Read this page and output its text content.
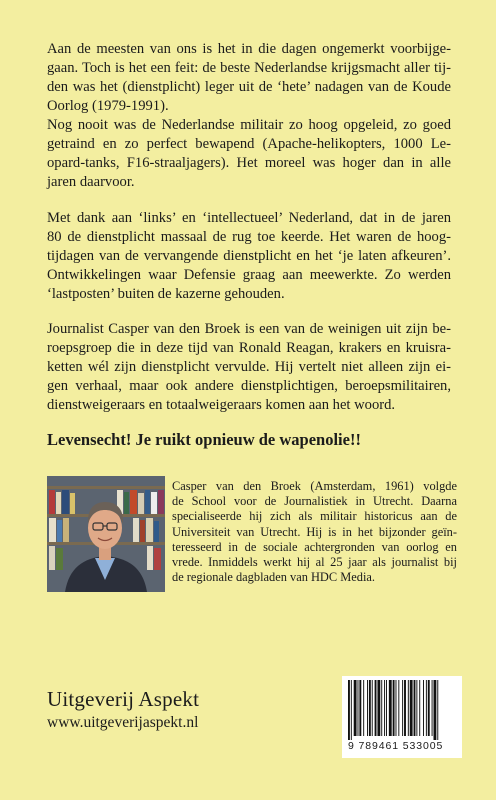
Aan de meesten van ons is het in die dagen ongemerkt voorbijge-
gaan. Toch is het een feit: de beste Nederlandse krijgsmacht aller tij-
den was het (dienstplicht) leger uit de ‘hete’ nadagen van de Koude
Oorlog (1979-1991).
Nog nooit was de Nederlandse militair zo hoog opgeleid, zo goed
getraind en zo perfect bewapend (Apache-helikopters, 1000 Le-
opard-tanks, F16-straaljagers). Het moreel was hoger dan in alle
jaren daarvoor.

Met dank aan ‘links’ en ‘intellectueel’ Nederland, dat in de jaren
80 de dienstplicht massaal de rug toe keerde. Het waren de hoog-
tijdagen van de vervangende dienstplicht en het ‘je laten afkeuren’.
Ontwikkelingen waar Defensie graag aan meewerkte. Zo werden
‘lastposten’ buiten de kazerne gehouden.

Journalist Casper van den Broek is een van de weinigen uit zijn be-
roepsgroep die in deze tijd van Ronald Reagan, krakers en kruisra-
ketten wél zijn dienstplicht vervulde. Hij vertelt niet alleen zijn ei-
gen verhaal, maar ook andere dienstplichtigen, beroepsmilitairen,
dienstweigeraars en totaalweigeraars komen aan het woord.

Levensecht! Je ruikt opnieuw de wapenolie!!
Casper van den Broek (Amsterdam, 1961) volgde
de School voor de Journalistiek in Utrecht. Daarna
specialiseerde hij zich als militair historicus aan de
Universiteit van Utrecht. Hij is in het bijzonder geïn-
teresseerd in de sociale achtergronden van oorlog en
vrede. Inmiddels werkt hij al 25 jaar als journalist bij
de regionale dagbladen van HDC Media.
Uitgeverij Aspekt
www.uitgeverijaspekt.nl
9 789461 533005
